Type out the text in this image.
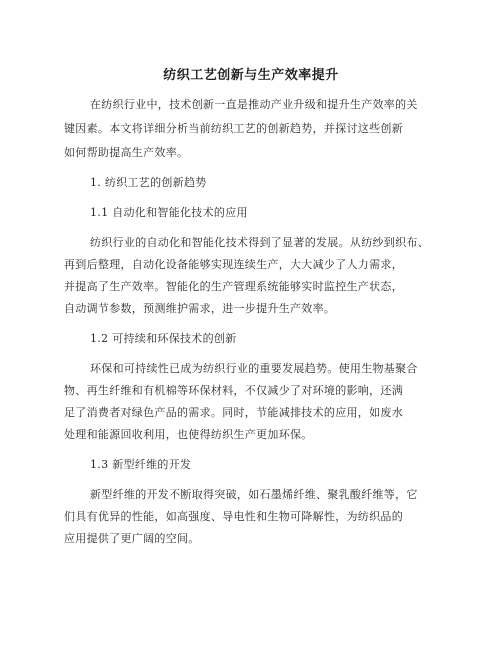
纺织工艺创新与生产效率提升
在纺织行业中，技术创新一直是推动产业升级和提升生产效率的关
键因素。本文将详细分析当前纺织工艺的创新趋势，并探讨这些创新
如何帮助提高生产效率。
1. 纺织工艺的创新趋势
1.1 自动化和智能化技术的应用
纺织行业的自动化和智能化技术得到了显著的发展。从纺纱到织布、
再到后整理，自动化设备能够实现连续生产，大大减少了人力需求，
并提高了生产效率。智能化的生产管理系统能够实时监控生产状态，
自动调节参数，预测维护需求，进一步提升生产效率。
1.2 可持续和环保技术的创新
环保和可持续性已成为纺织行业的重要发展趋势。使用生物基聚合
物、再生纤维和有机棉等环保材料，不仅减少了对环境的影响，还满
足了消费者对绿色产品的需求。同时，节能减排技术的应用，如废水
处理和能源回收利用，也使得纺织生产更加环保。
1.3 新型纤维的开发
新型纤维的开发不断取得突破，如石墨烯纤维、聚乳酸纤维等，它
们具有优异的性能，如高强度、导电性和生物可降解性，为纺织品的
应用提供了更广阔的空间。
